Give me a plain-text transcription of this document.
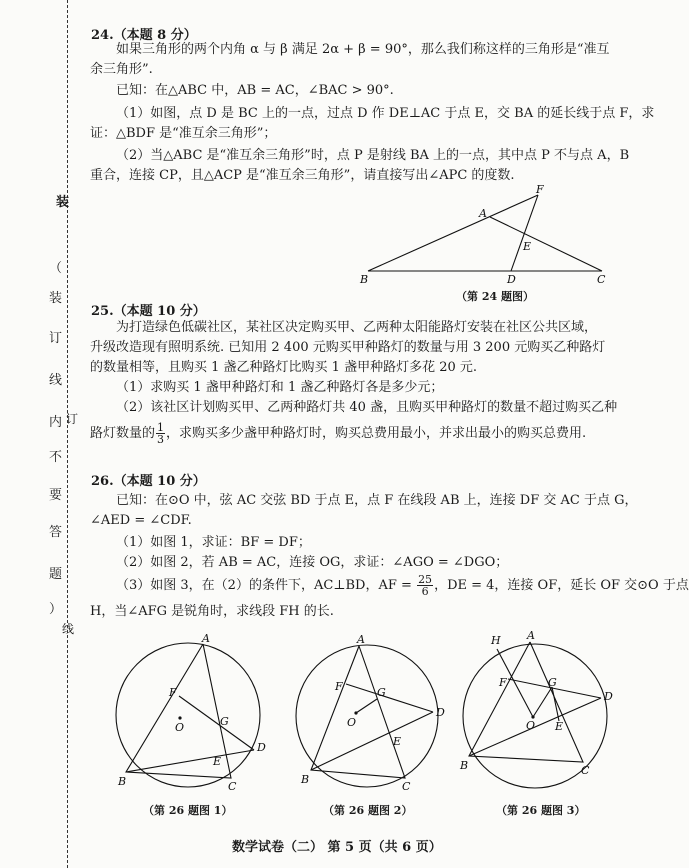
装
（
装
订
线
内
不
要
答
题
）
订
线
24.（本题 8 分）
如果三角形的两个内角 α 与 β 满足 2α + β = 90°，那么我们称这样的三角形是“准互
余三角形”.
已知：在△ABC 中，AB = AC，∠BAC > 90°.
（1）如图，点 D 是 BC 上的一点，过点 D 作 DE⊥AC 于点 E，交 BA 的延长线于点 F，求
证：△BDF 是“准互余三角形”；
（2）当△ABC 是“准互余三角形”时，点 P 是射线 BA 上的一点，其中点 P 不与点 A，B
重合，连接 CP，且△ACP 是“准互余三角形”，请直接写出∠APC 的度数.
A
B	C
D
E
F
（第 24 题图）
25.（本题 10 分）
为打造绿色低碳社区，某社区决定购买甲、乙两种太阳能路灯安装在社区公共区域，
升级改造现有照明系统. 已知用 2 400 元购买甲种路灯的数量与用 3 200 元购买乙种路灯
的数量相等，且购买 1 盏乙种路灯比购买 1 盏甲种路灯多花 20 元.
（1）求购买 1 盏甲种路灯和 1 盏乙种路灯各是多少元；
（2）该社区计划购买甲、乙两种路灯共 40 盏，且购买甲种路灯的数量不超过购买乙种
路灯数量的 $\frac{1}{3}$ ，求购买多少盏甲种路灯时，购买总费用最小，并求出最小的购买总费用.
26.（本题 10 分）
已知：在⊙O 中，弦 AC 交弦 BD 于点 E，点 F 在线段 AB 上，连接 DF 交 AC 于点 G，
∠AED = ∠CDF.
（1）如图 1，求证：BF = DF；
（2）如图 2，若 AB = AC，连接 OG，求证：∠AGO = ∠DGO；
（3）如图 3，在（2）的条件下，AC⊥BD，AF = $\frac{25}{6}$ ，DE = 4，连接 OF，延长 OF 交⊙O 于点
H，当∠AFG 是锐角时，求线段 FH 的长.
A
B	C
D
E
F
G
O
（第 26 题图 1）
A
B
C
D
E
F	G
O
（第 26 题图 2）
H A
B	C
D
E
F	G
O
（第 26 题图 3）
数学试卷（二） 第 5 页（共 6 页）
